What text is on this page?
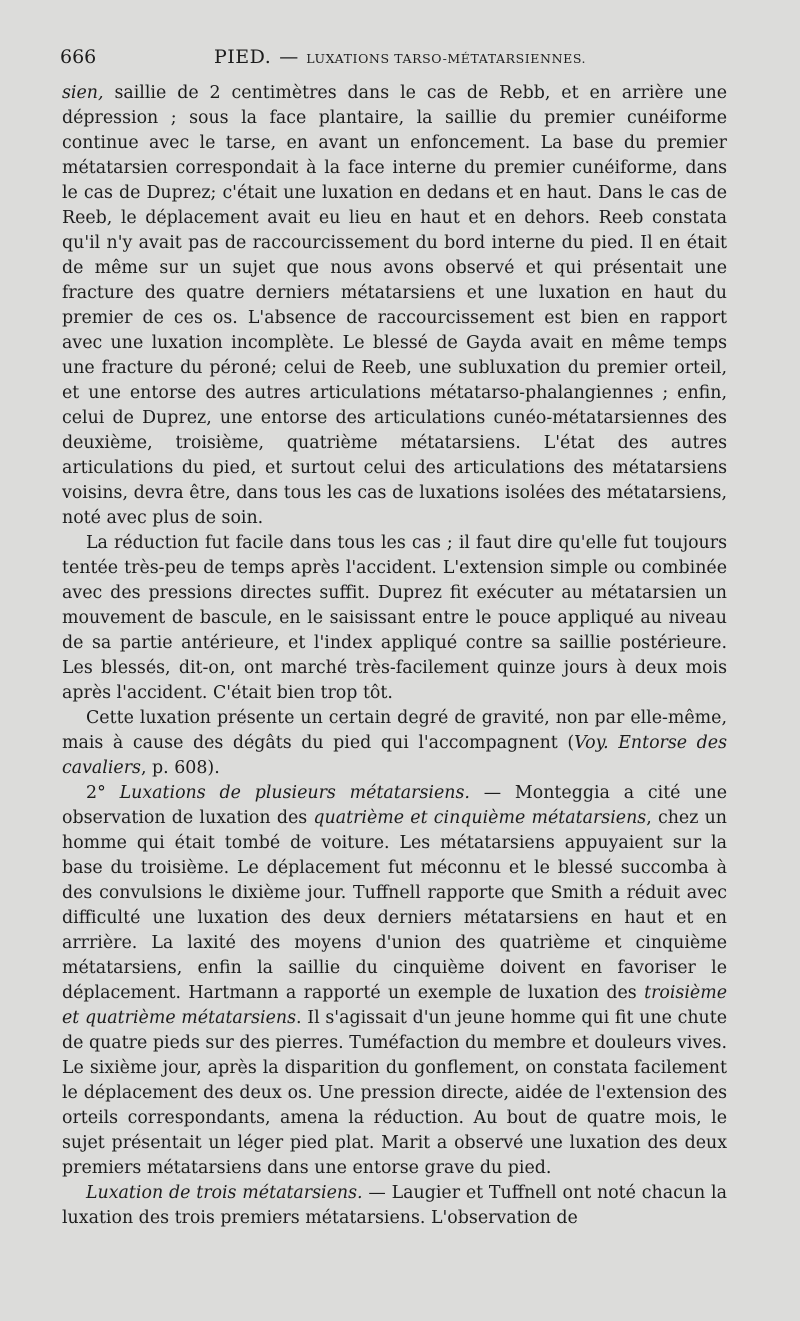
666	PIED. — LUXATIONS TARSO-MÉTATARSIENNES.

sien, saillie de 2 centimètres dans le cas de Rebb, et en arrière une dépression ; sous la face plantaire, la saillie du premier cunéiforme continue avec le tarse, en avant un enfoncement. La base du premier métatarsien correspondait à la face interne du premier cunéiforme, dans le cas de Duprez; c'était une luxation en dedans et en haut. Dans le cas de Reeb, le déplacement avait eu lieu en haut et en dehors. Reeb constata qu'il n'y avait pas de raccourcissement du bord interne du pied. Il en était de même sur un sujet que nous avons observé et qui présentait une fracture des quatre derniers métatarsiens et une luxation en haut du premier de ces os. L'absence de raccourcissement est bien en rapport avec une luxation incomplète. Le blessé de Gayda avait en même temps une fracture du péroné; celui de Reeb, une subluxation du premier orteil, et une entorse des autres articulations métatarso-phalangiennes ; enfin, celui de Duprez, une entorse des articulations cunéo-métatarsiennes des deuxième, troisième, quatrième métatarsiens. L'état des autres articulations du pied, et surtout celui des articulations des métatarsiens voisins, devra être, dans tous les cas de luxations isolées des métatarsiens, noté avec plus de soin.

La réduction fut facile dans tous les cas ; il faut dire qu'elle fut toujours tentée très-peu de temps après l'accident. L'extension simple ou combinée avec des pressions directes suffit. Duprez fit exécuter au métatarsien un mouvement de bascule, en le saisissant entre le pouce appliqué au niveau de sa partie antérieure, et l'index appliqué contre sa saillie postérieure. Les blessés, dit-on, ont marché très-facilement quinze jours à deux mois après l'accident. C'était bien trop tôt.

Cette luxation présente un certain degré de gravité, non par elle-même, mais à cause des dégâts du pied qui l'accompagnent (Voy. Entorse des cavaliers, p. 608).

2° Luxations de plusieurs métatarsiens. — Monteggia a cité une observation de luxation des quatrième et cinquième métatarsiens, chez un homme qui était tombé de voiture. Les métatarsiens appuyaient sur la base du troisième. Le déplacement fut méconnu et le blessé succomba à des convulsions le dixième jour. Tuffnell rapporte que Smith a réduit avec difficulté une luxation des deux derniers métatarsiens en haut et en arrrière. La laxité des moyens d'union des quatrième et cinquième métatarsiens, enfin la saillie du cinquième doivent en favoriser le déplacement. Hartmann a rapporté un exemple de luxation des troisième et quatrième métatarsiens. Il s'agissait d'un jeune homme qui fit une chute de quatre pieds sur des pierres. Tuméfaction du membre et douleurs vives. Le sixième jour, après la disparition du gonflement, on constata facilement le déplacement des deux os. Une pression directe, aidée de l'extension des orteils correspondants, amena la réduction. Au bout de quatre mois, le sujet présentait un léger pied plat. Marit a observé une luxation des deux premiers métatarsiens dans une entorse grave du pied.

Luxation de trois métatarsiens. — Laugier et Tuffnell ont noté chacun la luxation des trois premiers métatarsiens. L'observation de
